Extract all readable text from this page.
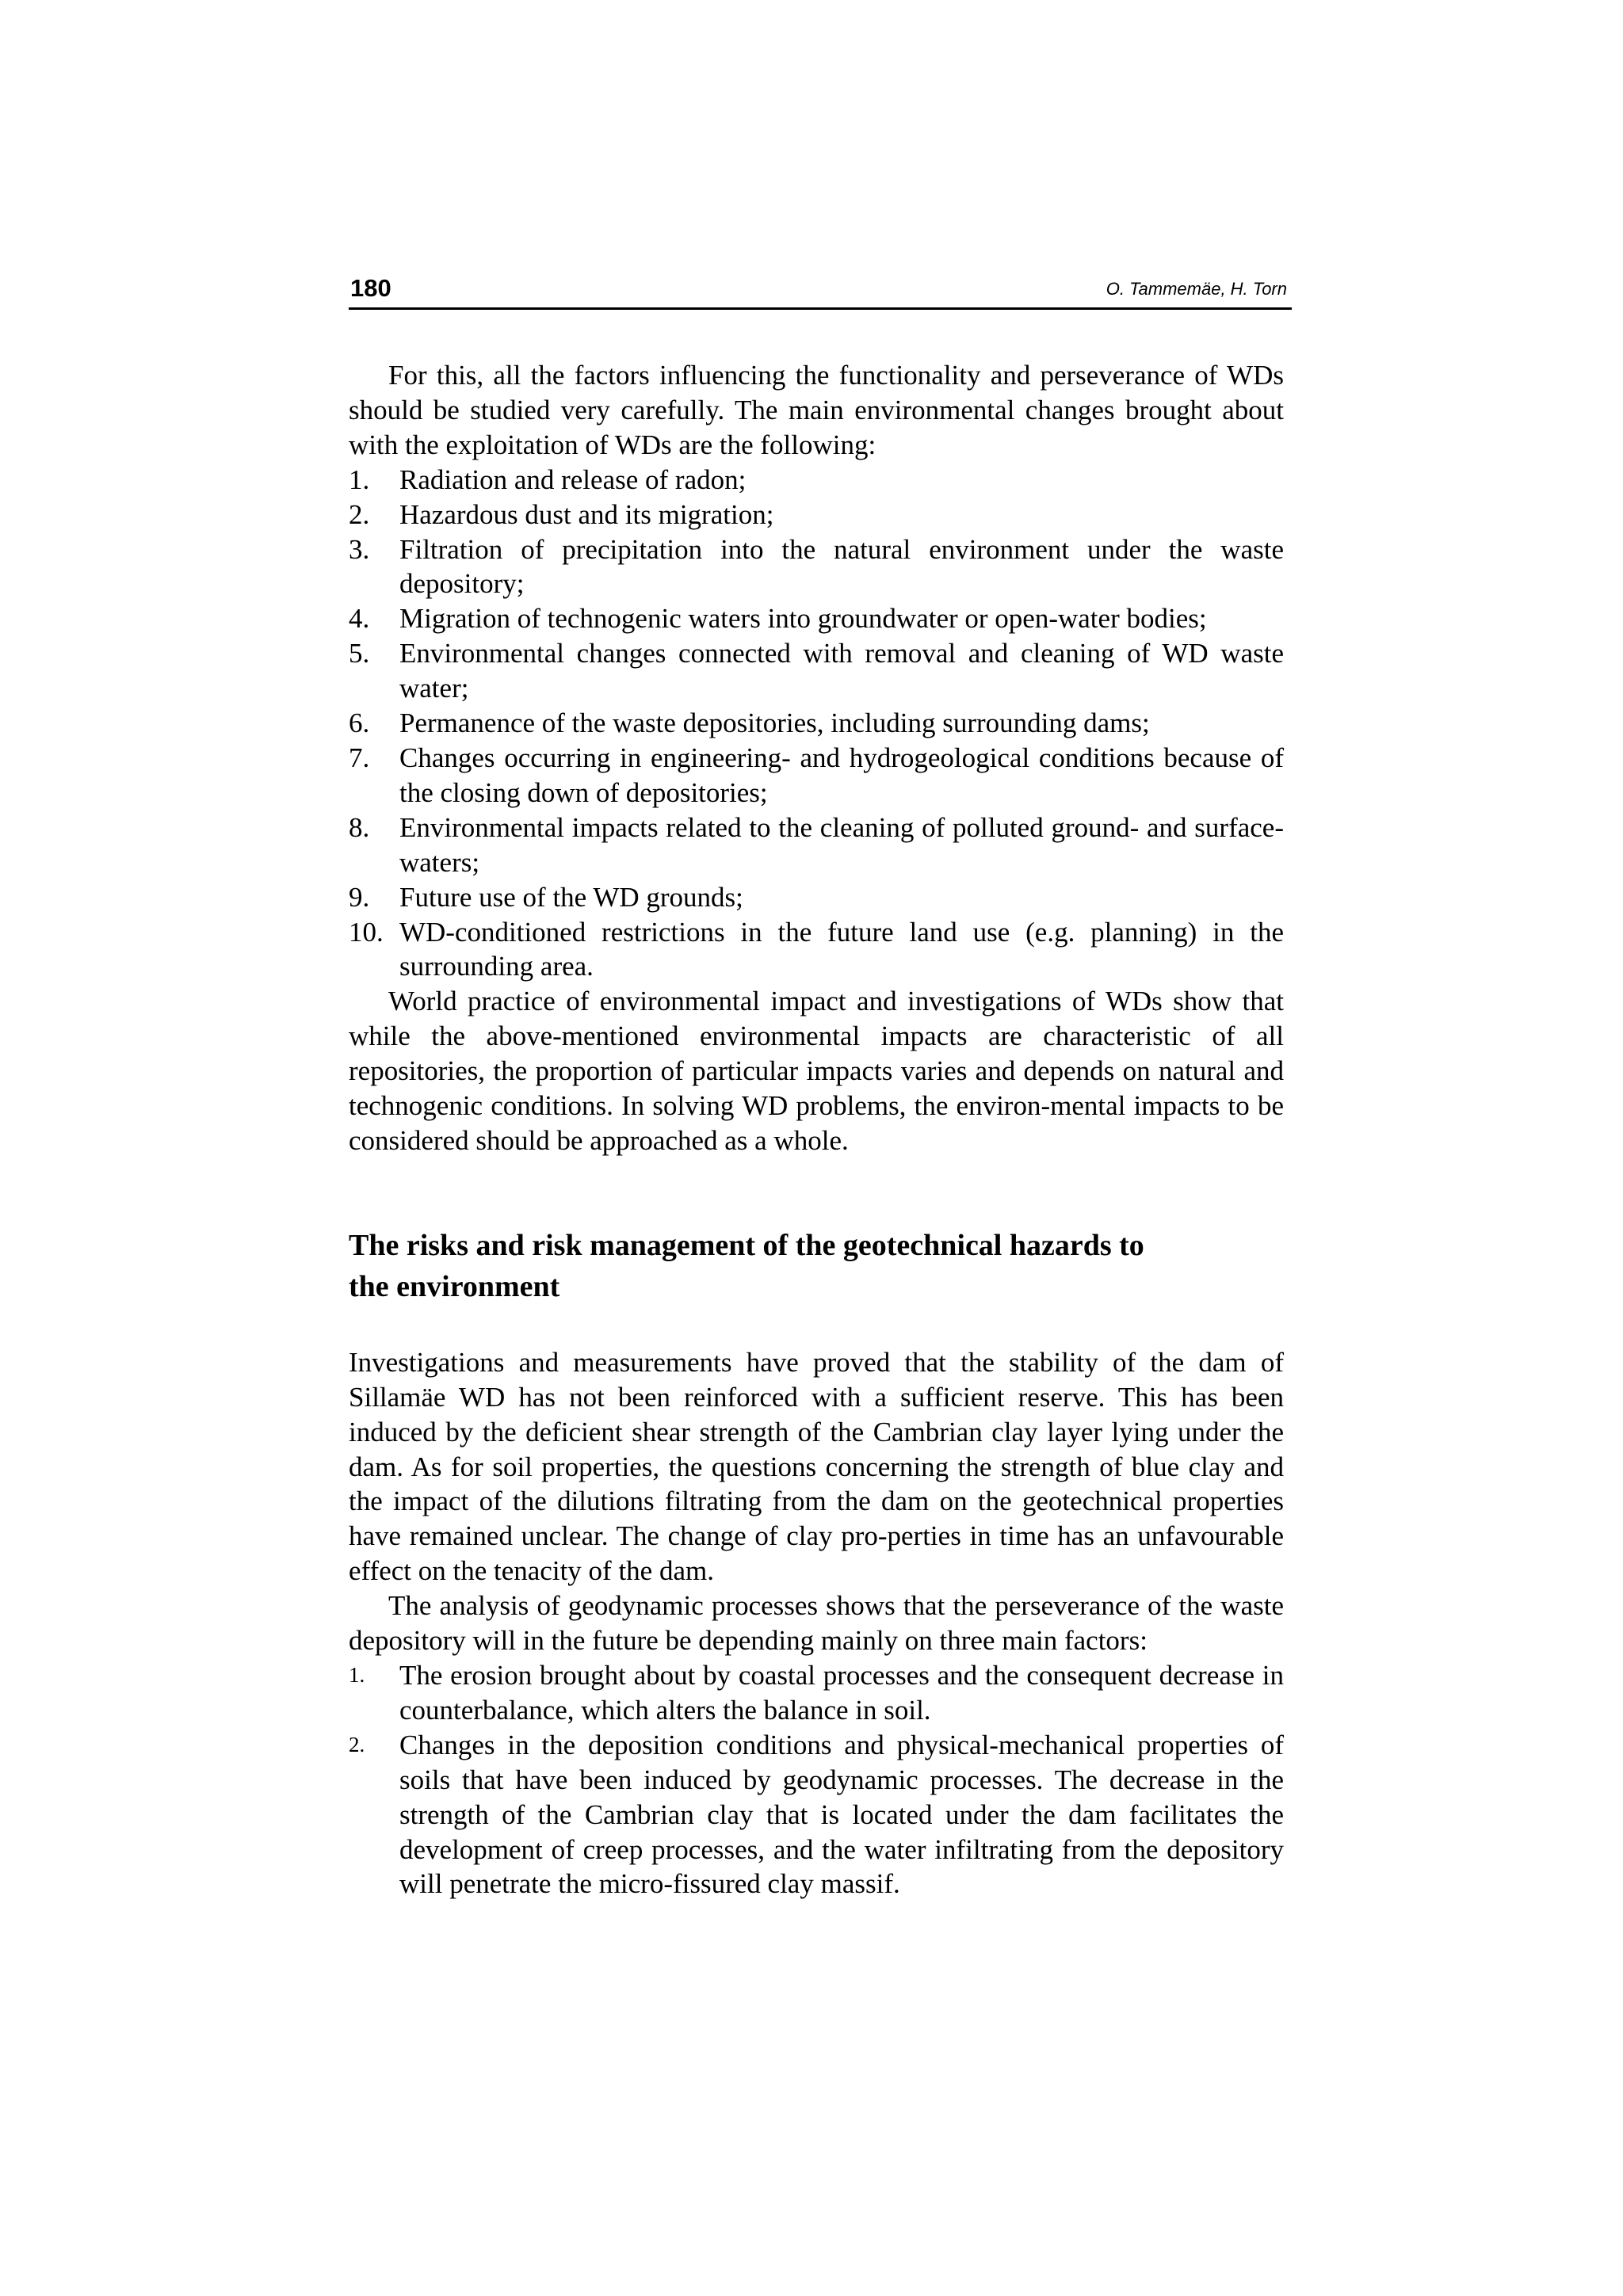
180	O. Tammemäe, H. Torn

For this, all the factors influencing the functionality and perseverance of WDs should be studied very carefully. The main environmental changes brought about with the exploitation of WDs are the following:

1. Radiation and release of radon;
2. Hazardous dust and its migration;
3. Filtration of precipitation into the natural environment under the waste depository;
4. Migration of technogenic waters into groundwater or open-water bodies;
5. Environmental changes connected with removal and cleaning of WD waste water;
6. Permanence of the waste depositories, including surrounding dams;
7. Changes occurring in engineering- and hydrogeological conditions because of the closing down of depositories;
8. Environmental impacts related to the cleaning of polluted ground- and surface-waters;
9. Future use of the WD grounds;
10. WD-conditioned restrictions in the future land use (e.g. planning) in the surrounding area.

World practice of environmental impact and investigations of WDs show that while the above-mentioned environmental impacts are characteristic of all repositories, the proportion of particular impacts varies and depends on natural and technogenic conditions. In solving WD problems, the environ-mental impacts to be considered should be approached as a whole.

The risks and risk management of the geotechnical hazards to the environment

Investigations and measurements have proved that the stability of the dam of Sillamäe WD has not been reinforced with a sufficient reserve. This has been induced by the deficient shear strength of the Cambrian clay layer lying under the dam. As for soil properties, the questions concerning the strength of blue clay and the impact of the dilutions filtrating from the dam on the geotechnical properties have remained unclear. The change of clay pro-perties in time has an unfavourable effect on the tenacity of the dam.

The analysis of geodynamic processes shows that the perseverance of the waste depository will in the future be depending mainly on three main factors:

1. The erosion brought about by coastal processes and the consequent decrease in counterbalance, which alters the balance in soil.
2. Changes in the deposition conditions and physical-mechanical properties of soils that have been induced by geodynamic processes. The decrease in the strength of the Cambrian clay that is located under the dam facilitates the development of creep processes, and the water infiltrating from the depository will penetrate the micro-fissured clay massif.
